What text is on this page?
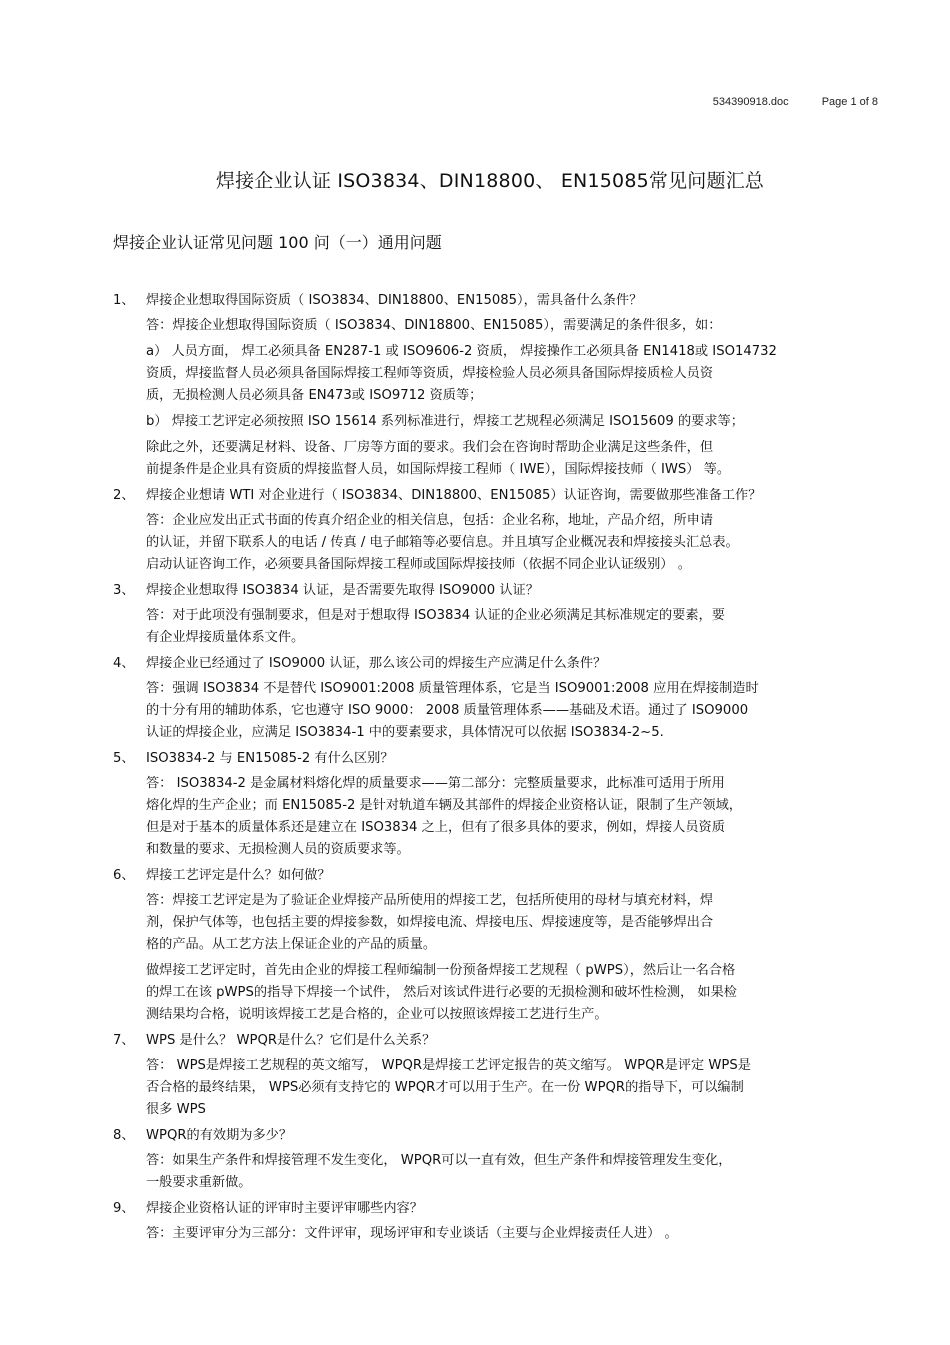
534390918.doc	Page 1 of 8
焊接企业认证 ISO3834、DIN18800、 EN15085常见问题汇总
焊接企业认证常见问题 100 问（一）通用问题
1、 焊接企业想取得国际资质（ ISO3834、DIN18800、EN15085），需具备什么条件？
答：焊接企业想取得国际资质（ ISO3834、DIN18800、EN15085），需要满足的条件很多，如：
a） 人员方面， 焊工必须具备 EN287-1 或 ISO9606-2 资质， 焊接操作工必须具备 EN1418或 ISO14732
资质，焊接监督人员必须具备国际焊接工程师等资质，焊接检验人员必须具备国际焊接质检人员资
质，无损检测人员必须具备 EN473或 ISO9712 资质等；
b） 焊接工艺评定必须按照 ISO 15614 系列标准进行，焊接工艺规程必须满足 ISO15609 的要求等；
除此之外，还要满足材料、设备、厂房等方面的要求。我们会在咨询时帮助企业满足这些条件，但
前提条件是企业具有资质的焊接监督人员，如国际焊接工程师（ IWE），国际焊接技师（ IWS） 等。
2、 焊接企业想请 WTI 对企业进行（ ISO3834、DIN18800、EN15085）认证咨询，需要做那些准备工作？
答：企业应发出正式书面的传真介绍企业的相关信息，包括：企业名称，地址，产品介绍，所申请
的认证，并留下联系人的电话 / 传真 / 电子邮箱等必要信息。并且填写企业概况表和焊接接头汇总表。
启动认证咨询工作，必须要具备国际焊接工程师或国际焊接技师（依据不同企业认证级别） 。
3、 焊接企业想取得 ISO3834 认证，是否需要先取得 ISO9000 认证？
答：对于此项没有强制要求，但是对于想取得 ISO3834 认证的企业必须满足其标准规定的要素，要
有企业焊接质量体系文件。
4、 焊接企业已经通过了 ISO9000 认证，那么该公司的焊接生产应满足什么条件？
答：强调 ISO3834 不是替代 ISO9001:2008 质量管理体系，它是当 ISO9001:2008 应用在焊接制造时
的十分有用的辅助体系，它也遵守 ISO 9000： 2008 质量管理体系——基础及术语。通过了 ISO9000
认证的焊接企业，应满足 ISO3834-1 中的要素要求，具体情况可以依据 ISO3834-2~5.
5、 ISO3834-2 与 EN15085-2 有什么区别？
答： ISO3834-2 是金属材料熔化焊的质量要求——第二部分：完整质量要求，此标准可适用于所用
熔化焊的生产企业；而 EN15085-2 是针对轨道车辆及其部件的焊接企业资格认证，限制了生产领域，
但是对于基本的质量体系还是建立在 ISO3834 之上，但有了很多具体的要求，例如，焊接人员资质
和数量的要求、无损检测人员的资质要求等。
6、 焊接工艺评定是什么？如何做？
答：焊接工艺评定是为了验证企业焊接产品所使用的焊接工艺，包括所使用的母材与填充材料，焊
剂，保护气体等，也包括主要的焊接参数，如焊接电流、焊接电压、焊接速度等，是否能够焊出合
格的产品。从工艺方法上保证企业的产品的质量。
做焊接工艺评定时，首先由企业的焊接工程师编制一份预备焊接工艺规程（ pWPS），然后让一名合格
的焊工在该 pWPS的指导下焊接一个试件， 然后对该试件进行必要的无损检测和破坏性检测， 如果检
测结果均合格，说明该焊接工艺是合格的，企业可以按照该焊接工艺进行生产。
7、 WPS 是什么？ WPQR是什么？它们是什么关系？
答： WPS是焊接工艺规程的英文缩写， WPQR是焊接工艺评定报告的英文缩写。 WPQR是评定 WPS是
否合格的最终结果， WPS必须有支持它的 WPQR才可以用于生产。在一份 WPQR的指导下，可以编制
很多 WPS
8、 WPQR的有效期为多少？
答：如果生产条件和焊接管理不发生变化， WPQR可以一直有效，但生产条件和焊接管理发生变化，
一般要求重新做。
9、 焊接企业资格认证的评审时主要评审哪些内容？
答：主要评审分为三部分：文件评审，现场评审和专业谈话（主要与企业焊接责任人进） 。
